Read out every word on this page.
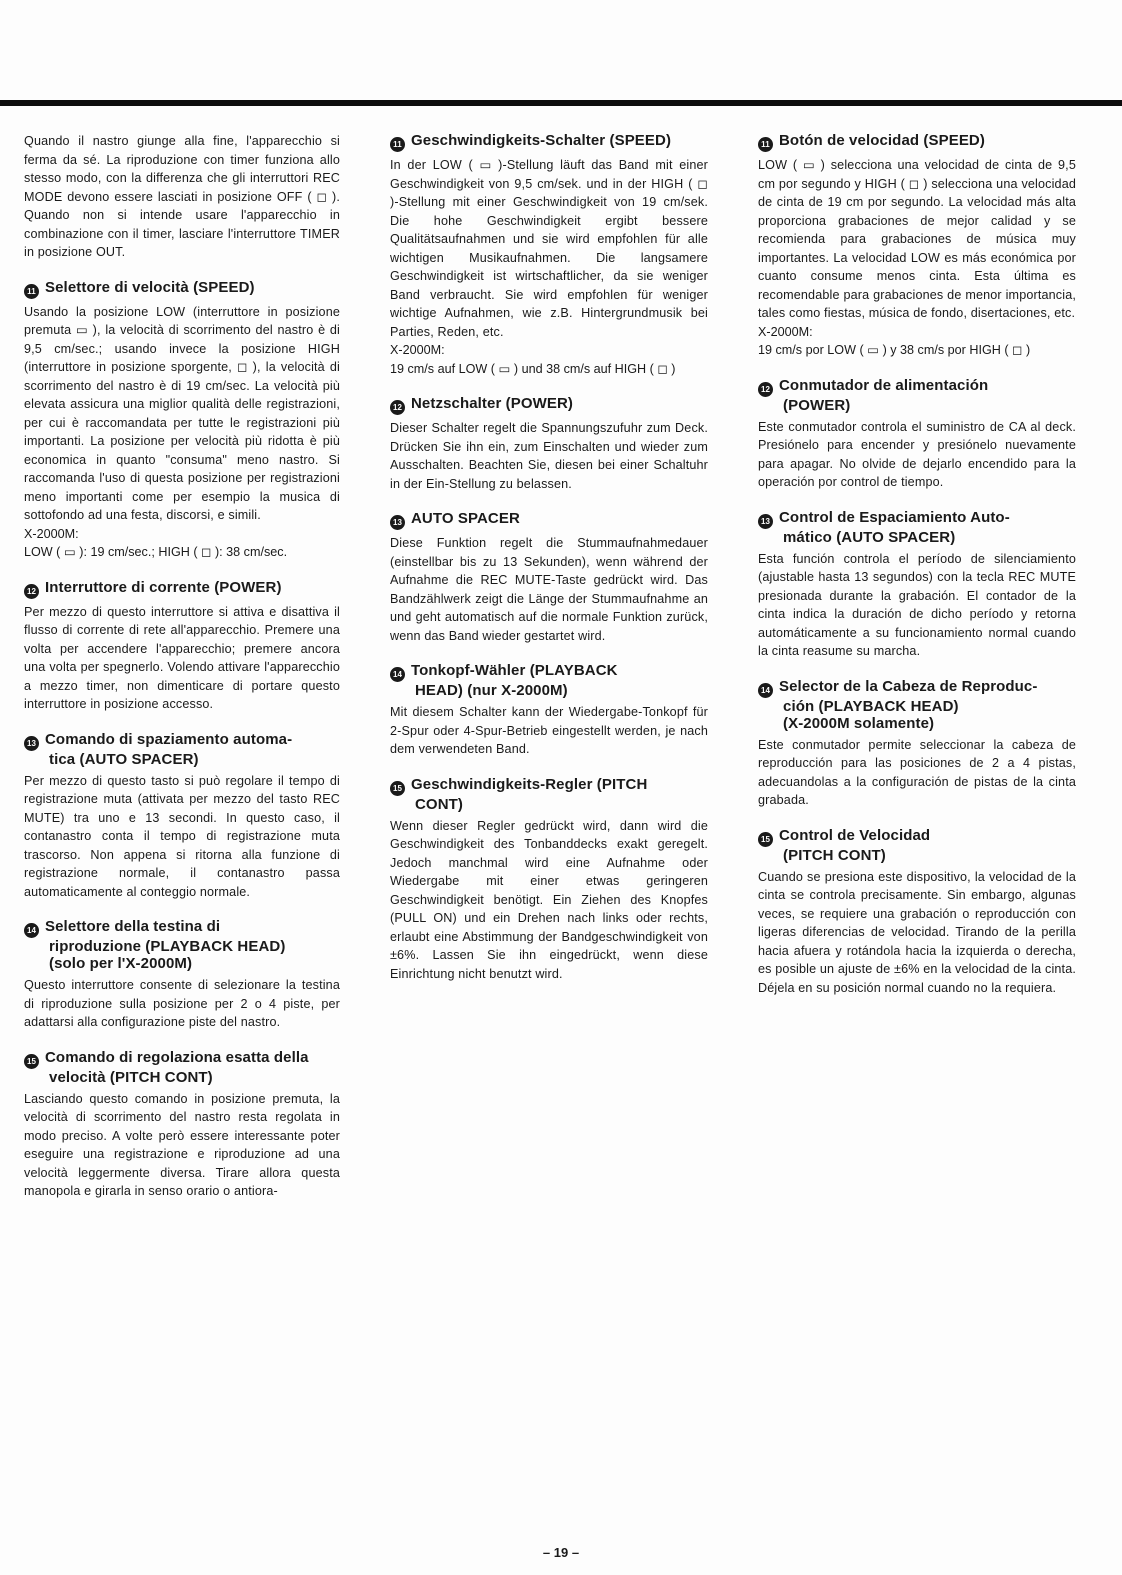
Quando il nastro giunge alla fine, l'apparecchio si ferma da sé. La riproduzione con timer funziona allo stesso modo, con la differenza che gli interruttori REC MODE devono essere lasciati in posizione OFF ( ◻ ). Quando non si intende usare l'apparecchio in combinazione con il timer, lasciare l'interruttore TIMER in posizione OUT.

11 Selettore di velocità (SPEED)

Usando la posizione LOW (interruttore in posizione premuta ▭ ), la velocità di scorrimento del nastro è di 9,5 cm/sec.; usando invece la posizione HIGH (interruttore in posizione sporgente, ◻ ), la velocità di scorrimento del nastro è di 19 cm/sec. La velocità più elevata assicura una miglior qualità delle registrazioni, per cui è raccomandata per tutte le registrazioni più importanti. La posizione per velocità più ridotta è più economica in quanto "consuma" meno nastro. Si raccomanda l'uso di questa posizione per registrazioni meno importanti come per esempio la musica di sottofondo ad una festa, discorsi, e simili.

X-2000M:
LOW ( ▭ ): 19 cm/sec.; HIGH ( ◻ ): 38 cm/sec.
12 Interruttore di corrente (POWER)

Per mezzo di questo interruttore si attiva e disattiva il flusso di corrente di rete all'apparecchio. Premere una volta per accendere l'apparecchio; premere ancora una volta per spegnerlo. Volendo attivare l'apparecchio a mezzo timer, non dimenticare di portare questo interruttore in posizione accesso.

13 Comando di spaziamento automa-
tica (AUTO SPACER)

Per mezzo di questo tasto si può regolare il tempo di registrazione muta (attivata per mezzo del tasto REC MUTE) tra uno e 13 secondi. In questo caso, il contanastro conta il tempo di registrazione muta trascorso. Non appena si ritorna alla funzione di registrazione normale, il contanastro passa automaticamente al conteggio normale.

14 Selettore della testina di
riproduzione (PLAYBACK HEAD)
(solo per l'X-2000M)

Questo interruttore consente di selezionare la testina di riproduzione sulla posizione per 2 o 4 piste, per adattarsi alla configurazione piste del nastro.

15 Comando di regolaziona esatta della
velocità (PITCH CONT)

Lasciando questo comando in posizione premuta, la velocità di scorrimento del nastro resta regolata in modo preciso. A volte però essere interessante poter eseguire una registrazione e riproduzione ad una velocità leggermente diversa. Tirare allora questa manopola e girarla in senso orario o antiora-

11 Geschwindigkeits-Schalter (SPEED)

In der LOW ( ▭ )-Stellung läuft das Band mit einer Geschwindigkeit von 9,5 cm/sek. und in der HIGH ( ◻ )-Stellung mit einer Geschwindigkeit von 19 cm/sek. Die hohe Geschwindigkeit ergibt bessere Qualitätsaufnahmen und sie wird empfohlen für alle wichtigen Musikaufnahmen. Die langsamere Geschwindigkeit ist wirtschaftlicher, da sie weniger Band verbraucht. Sie wird empfohlen für weniger wichtige Aufnahmen, wie z.B. Hintergrundmusik bei Parties, Reden, etc.

X-2000M:
19 cm/s auf LOW ( ▭ ) und 38 cm/s auf HIGH ( ◻ )
12 Netzschalter (POWER)

Dieser Schalter regelt die Spannungszufuhr zum Deck. Drücken Sie ihn ein, zum Einschalten und wieder zum Ausschalten. Beachten Sie, diesen bei einer Schaltuhr in der Ein-Stellung zu belassen.

13 AUTO SPACER

Diese Funktion regelt die Stummaufnahmedauer (einstellbar bis zu 13 Sekunden), wenn während der Aufnahme die REC MUTE-Taste gedrückt wird. Das Bandzählwerk zeigt die Länge der Stummaufnahme an und geht automatisch auf die normale Funktion zurück, wenn das Band wieder gestartet wird.

14 Tonkopf-Wähler (PLAYBACK
HEAD) (nur X-2000M)

Mit diesem Schalter kann der Wiedergabe-Tonkopf für 2-Spur oder 4-Spur-Betrieb eingestellt werden, je nach dem verwendeten Band.

15 Geschwindigkeits-Regler (PITCH
CONT)

Wenn dieser Regler gedrückt wird, dann wird die Geschwindigkeit des Tonbanddecks exakt geregelt. Jedoch manchmal wird eine Aufnahme oder Wiedergabe mit einer etwas geringeren Geschwindigkeit benötigt. Ein Ziehen des Knopfes (PULL ON) und ein Drehen nach links oder rechts, erlaubt eine Abstimmung der Bandgeschwindigkeit von ±6%. Lassen Sie ihn eingedrückt, wenn diese Einrichtung nicht benutzt wird.

11 Botón de velocidad (SPEED)

LOW ( ▭ ) selecciona una velocidad de cinta de 9,5 cm por segundo y HIGH ( ◻ ) selecciona una velocidad de cinta de 19 cm por segundo. La velocidad más alta proporciona grabaciones de mejor calidad y se recomienda para grabaciones de música muy importantes. La velocidad LOW es más económica por cuanto consume menos cinta. Esta última es recomendable para grabaciones de menor importancia, tales como fiestas, música de fondo, disertaciones, etc.

X-2000M:
19 cm/s por LOW ( ▭ ) y 38 cm/s por HIGH ( ◻ )
12 Conmutador de alimentación
(POWER)

Este conmutador controla el suministro de CA al deck. Presiónelo para encender y presiónelo nuevamente para apagar. No olvide de dejarlo encendido para la operación por control de tiempo.

13 Control de Espaciamiento Auto-
mático (AUTO SPACER)

Esta función controla el período de silenciamiento (ajustable hasta 13 segundos) con la tecla REC MUTE presionada durante la grabación. El contador de la cinta indica la duración de dicho período y retorna automáticamente a su funcionamiento normal cuando la cinta reasume su marcha.

14 Selector de la Cabeza de Reproduc-
ción (PLAYBACK HEAD)
(X-2000M solamente)

Este conmutador permite seleccionar la cabeza de reproducción para las posiciones de 2 a 4 pistas, adecuandolas a la configuración de pistas de la cinta grabada.

15 Control de Velocidad
(PITCH CONT)

Cuando se presiona este dispositivo, la velocidad de la cinta se controla precisamente. Sin embargo, algunas veces, se requiere una grabación o reproducción con ligeras diferencias de velocidad. Tirando de la perilla hacia afuera y rotándola hacia la izquierda o derecha, es posible un ajuste de ±6% en la velocidad de la cinta. Déjela en su posición normal cuando no la requiera.

– 19 –
